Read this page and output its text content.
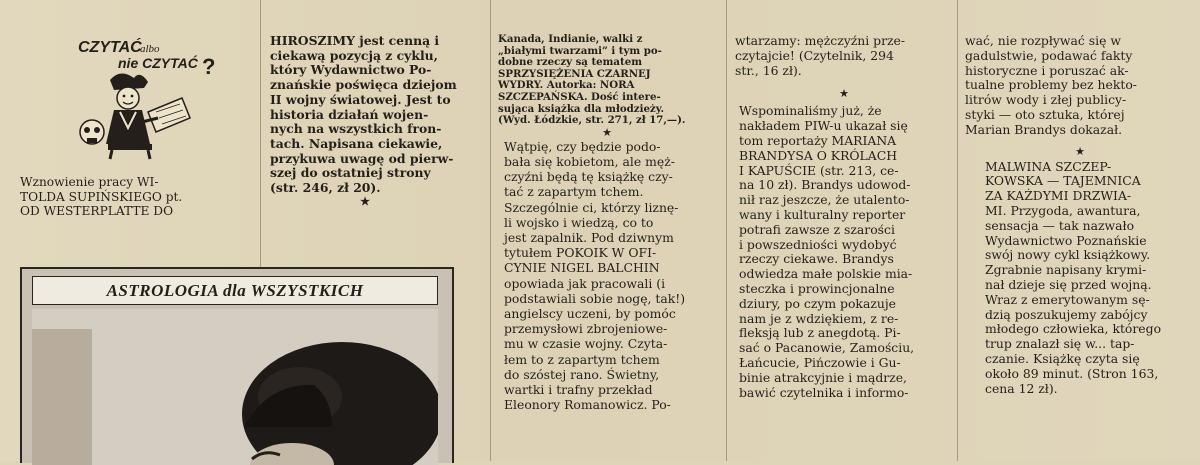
CZYTAĆ
albo
nie CZYTAĆ ?

Wznowienie pracy WI-

TOLDA SUPIŃSKIEGO pt.

OD WESTERPLATTE DO

ASTROLOGIA dla WSZYSTKICH

HIROSZIMY jest cenną i

ciekawą pozycją z cyklu,

który Wydawnictwo Po-

znańskie poświęca dziejom

II wojny światowej. Jest to

historia działań wojen-

nych na wszystkich fron-

tach. Napisana ciekawie,

przykuwa uwagę od pierw-

szej do ostatniej strony

(str. 246, zł 20).

★

Kanada, Indianie, walki z

„białymi twarzami” i tym po-

dobne rzeczy są tematem

SPRZYSIĘŻENIA CZARNEJ

WYDRY. Autorka: NORA

SZCZEPAŃSKA. Dość intere-

sująca książka dla młodzieży.

(Wyd. Łódzkie, str. 271, zł 17,—).

★

Wątpię, czy będzie podo-

bała się kobietom, ale męż-

czyźni będą tę książkę czy-

tać z zapartym tchem.

Szczególnie ci, którzy liznę-

li wojsko i wiedzą, co to

jest zapalnik. Pod dziwnym

tytułem POKOIK W OFI-

CYNIE NIGEL BALCHIN

opowiada jak pracowali (i

podstawiali sobie nogę, tak!)

angielscy uczeni, by pomóc

przemysłowi zbrojeniowe-

mu w czasie wojny. Czyta-

łem to z zapartym tchem

do szóstej rano. Świetny,

wartki i trafny przekład

Eleonory Romanowicz. Po-

wtarzamy: mężczyźni prze-

czytajcie! (Czytelnik, 294

str., 16 zł).

★

Wspominaliśmy już, że

nakładem PIW-u ukazał się

tom reportaży MARIANA

BRANDYSA O KRÓLACH

I KAPUŚCIE (str. 213, ce-

na 10 zł). Brandys udowod-

nił raz jeszcze, że utalento-

wany i kulturalny reporter

potrafi zawsze z szarości

i powszedniości wydobyć

rzeczy ciekawe. Brandys

odwiedza małe polskie mia-

steczka i prowincjonalne

dziury, po czym pokazuje

nam je z wdziękiem, z re-

fleksją lub z anegdotą. Pi-

sać o Pacanowie, Zamościu,

Łańcucie, Pińczowie i Gu-

binie atrakcyjnie i mądrze,

bawić czytelnika i informo-

wać, nie rozpływać się w

gadulstwie, podawać fakty

historyczne i poruszać ak-

tualne problemy bez hekto-

litrów wody i złej publicy-

styki — oto sztuka, której

Marian Brandys dokazał.

★

MALWINA SZCZEP-

KOWSKA — TAJEMNICA

ZA KAŻDYMI DRZWIA-

MI. Przygoda, awantura,

sensacja — tak nazwało

Wydawnictwo Poznańskie

swój nowy cykl książkowy.

Zgrabnie napisany krymi-

nał dzieje się przed wojną.

Wraz z emerytowanym sę-

dzią poszukujemy zabójcy

młodego człowieka, którego

trup znalazł się w... tap-

czanie. Książkę czyta się

około 89 minut. (Stron 163,

cena 12 zł).
